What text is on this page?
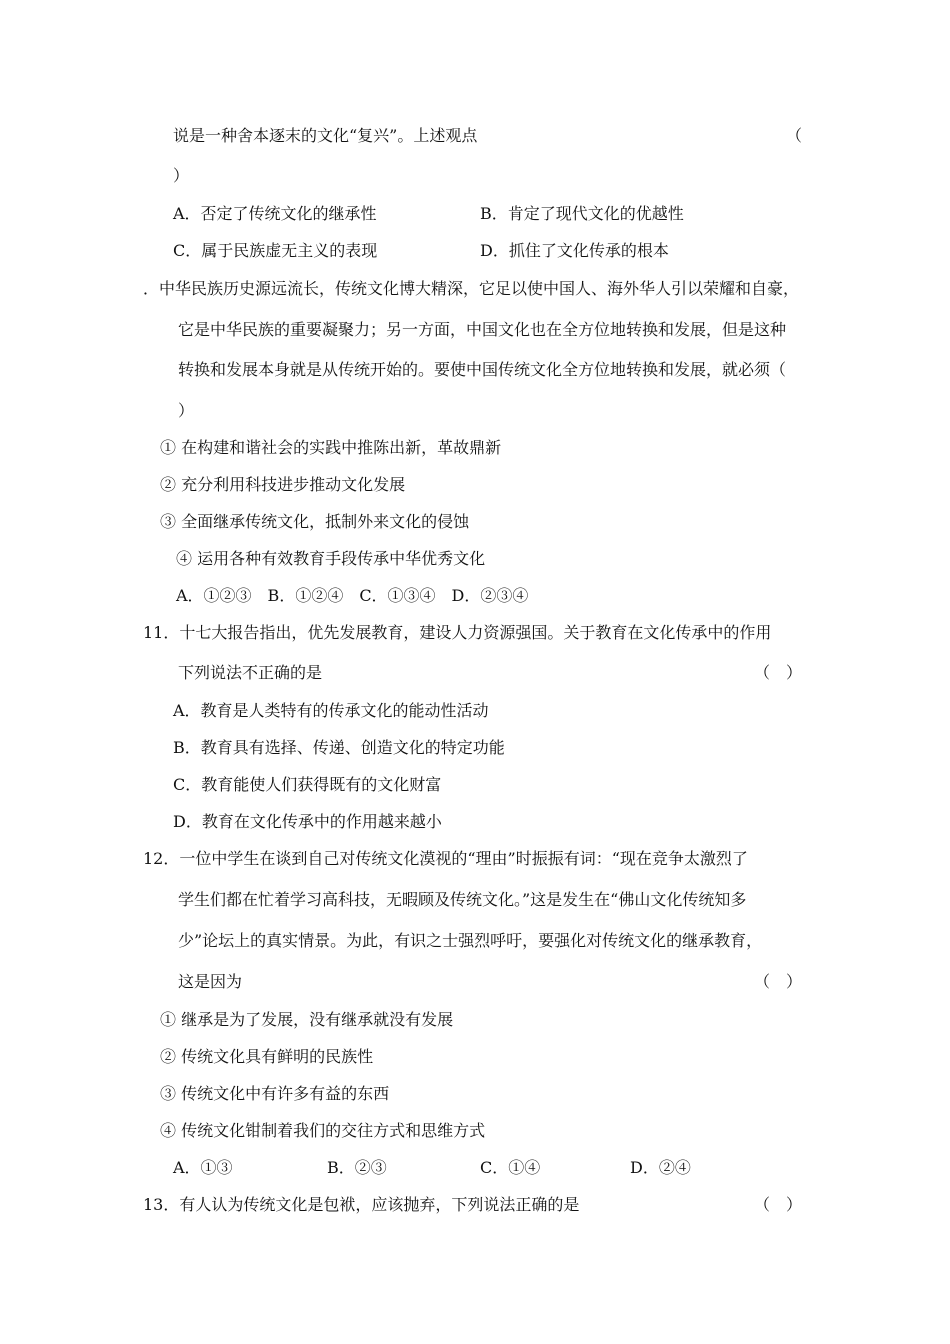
说是一种舍本逐末的文化“复兴”。上述观点	（
）
A．否定了传统文化的继承性	B．肯定了现代文化的优越性
C．属于民族虚无主义的表现	D．抓住了文化传承的根本
．中华民族历史源远流长，传统文化博大精深，它足以使中国人、海外华人引以荣耀和自豪，
它是中华民族的重要凝聚力；另一方面，中国文化也在全方位地转换和发展，但是这种
转换和发展本身就是从传统开始的。要使中国传统文化全方位地转换和发展，就必须（
）
① 在构建和谐社会的实践中推陈出新，革故鼎新
② 充分利用科技进步推动文化发展
③ 全面继承传统文化，抵制外来文化的侵蚀
④ 运用各种有效教育手段传承中华优秀文化
A．①②③　B．①②④　C．①③④　D．②③④
11．十七大报告指出，优先发展教育，建设人力资源强国。关于教育在文化传承中的作用
下列说法不正确的是	（　）
A．教育是人类特有的传承文化的能动性活动
B．教育具有选择、传递、创造文化的特定功能
C．教育能使人们获得既有的文化财富
D．教育在文化传承中的作用越来越小
12．一位中学生在谈到自己对传统文化漠视的“理由”时振振有词：“现在竞争太激烈了
学生们都在忙着学习高科技，无暇顾及传统文化。”这是发生在“佛山文化传统知多
少”论坛上的真实情景。为此，有识之士强烈呼吁，要强化对传统文化的继承教育，
这是因为	（　）
① 继承是为了发展，没有继承就没有发展
② 传统文化具有鲜明的民族性
③ 传统文化中有许多有益的东西
④ 传统文化钳制着我们的交往方式和思维方式
A．①③	B．②③	C．①④	D．②④
13．有人认为传统文化是包袱，应该抛弃，下列说法正确的是	（　）
